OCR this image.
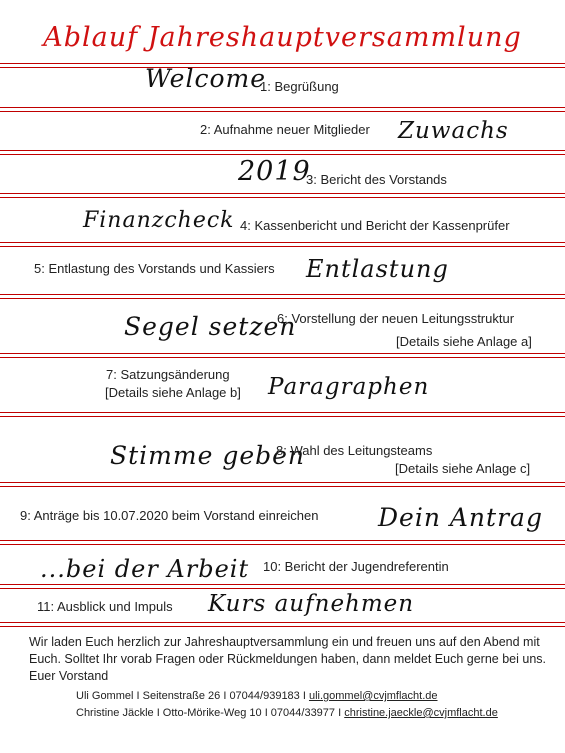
Ablauf Jahreshauptversammlung
Welcome
1: Begrüßung
2: Aufnahme neuer Mitglieder Zuwachs
2019
3: Bericht des Vorstands
Finanzcheck 4: Kassenbericht und Bericht der Kassenprüfer
5: Entlastung des Vorstands und Kassiers Entlastung
6: Vorstellung der neuen Leitungsstruktur
[Details siehe Anlage a]
Segel setzen
7: Satzungsänderung
[Details siehe Anlage b] Paragraphen
Stimme geben
8: Wahl des Leitungsteams
[Details siehe Anlage c]
9: Anträge bis 10.07.2020 beim Vorstand einreichen Dein Antrag
...bei der Arbeit 10: Bericht der Jugendreferentin
11: Ausblick und Impuls Kurs aufnehmen
Wir laden Euch herzlich zur Jahreshauptversammlung ein und freuen uns auf den Abend mit Euch. Solltet Ihr vorab Fragen oder Rückmeldungen haben, dann meldet Euch gerne bei uns. Euer Vorstand
Uli Gommel I Seitenstraße 26 I 07044/939183 I uli.gommel@cvjmflacht.de
Christine Jäckle I Otto-Mörike-Weg 10 I 07044/33977 I christine.jaeckle@cvjmflacht.de
